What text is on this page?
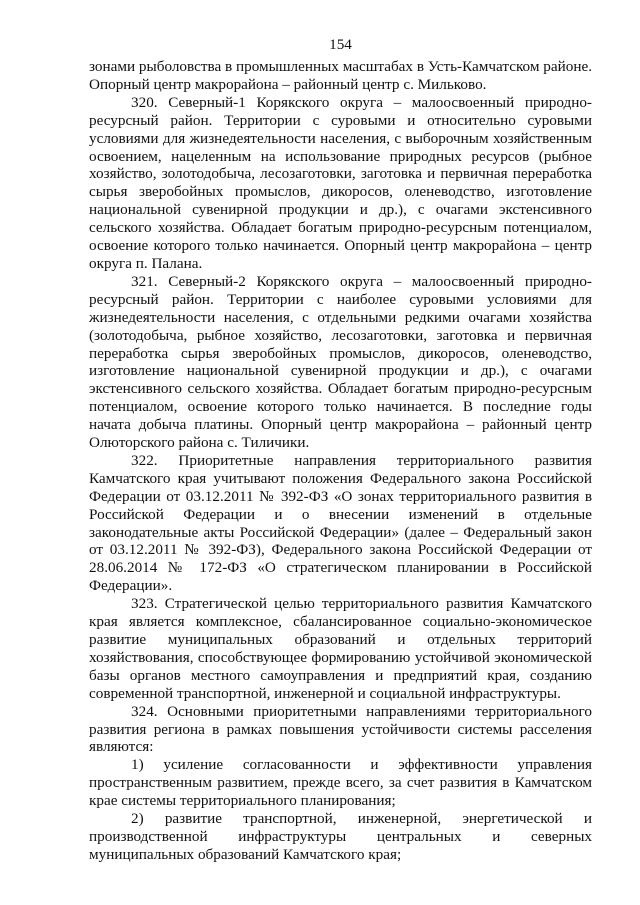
154

зонами рыболовства в промышленных масштабах в Усть-Камчатском районе. Опорный центр макрорайона – районный центр с. Мильково.

320. Северный-1 Корякского округа – малоосвоенный природно-ресурсный район. Территории с суровыми и относительно суровыми условиями для жизнедеятельности населения, с выборочным хозяйственным освоением, нацеленным на использование природных ресурсов (рыбное хозяйство, золотодобыча, лесозаготовки, заготовка и первичная переработка сырья зверобойных промыслов, дикоросов, оленеводство, изготовление национальной сувенирной продукции и др.), с очагами экстенсивного сельского хозяйства. Обладает богатым природно-ресурсным потенциалом, освоение которого только начинается. Опорный центр макрорайона – центр округа п. Палана.

321. Северный-2 Корякского округа – малоосвоенный природно-ресурсный район. Территории с наиболее суровыми условиями для жизнедеятельности населения, с отдельными редкими очагами хозяйства (золотодобыча, рыбное хозяйство, лесозаготовки, заготовка и первичная переработка сырья зверобойных промыслов, дикоросов, оленеводство, изготовление национальной сувенирной продукции и др.), с очагами экстенсивного сельского хозяйства. Обладает богатым природно-ресурсным потенциалом, освоение которого только начинается. В последние годы начата добыча платины. Опорный центр макрорайона – районный центр Олюторского района с. Тиличики.

322. Приоритетные направления территориального развития Камчатского края учитывают положения Федерального закона Российской Федерации от 03.12.2011 № 392-ФЗ «О зонах территориального развития в Российской Федерации и о внесении изменений в отдельные законодательные акты Российской Федерации» (далее – Федеральный закон от 03.12.2011 № 392-ФЗ), Федерального закона Российской Федерации от 28.06.2014 № 172-ФЗ «О стратегическом планировании в Российской Федерации».

323. Стратегической целью территориального развития Камчатского края является комплексное, сбалансированное социально-экономическое развитие муниципальных образований и отдельных территорий хозяйствования, способствующее формированию устойчивой экономической базы органов местного самоуправления и предприятий края, созданию современной транспортной, инженерной и социальной инфраструктуры.

324. Основными приоритетными направлениями территориального развития региона в рамках повышения устойчивости системы расселения являются:

1) усиление согласованности и эффективности управления пространственным развитием, прежде всего, за счет развития в Камчатском крае системы территориального планирования;

2) развитие транспортной, инженерной, энергетической и производственной инфраструктуры центральных и северных муниципальных образований Камчатского края;
